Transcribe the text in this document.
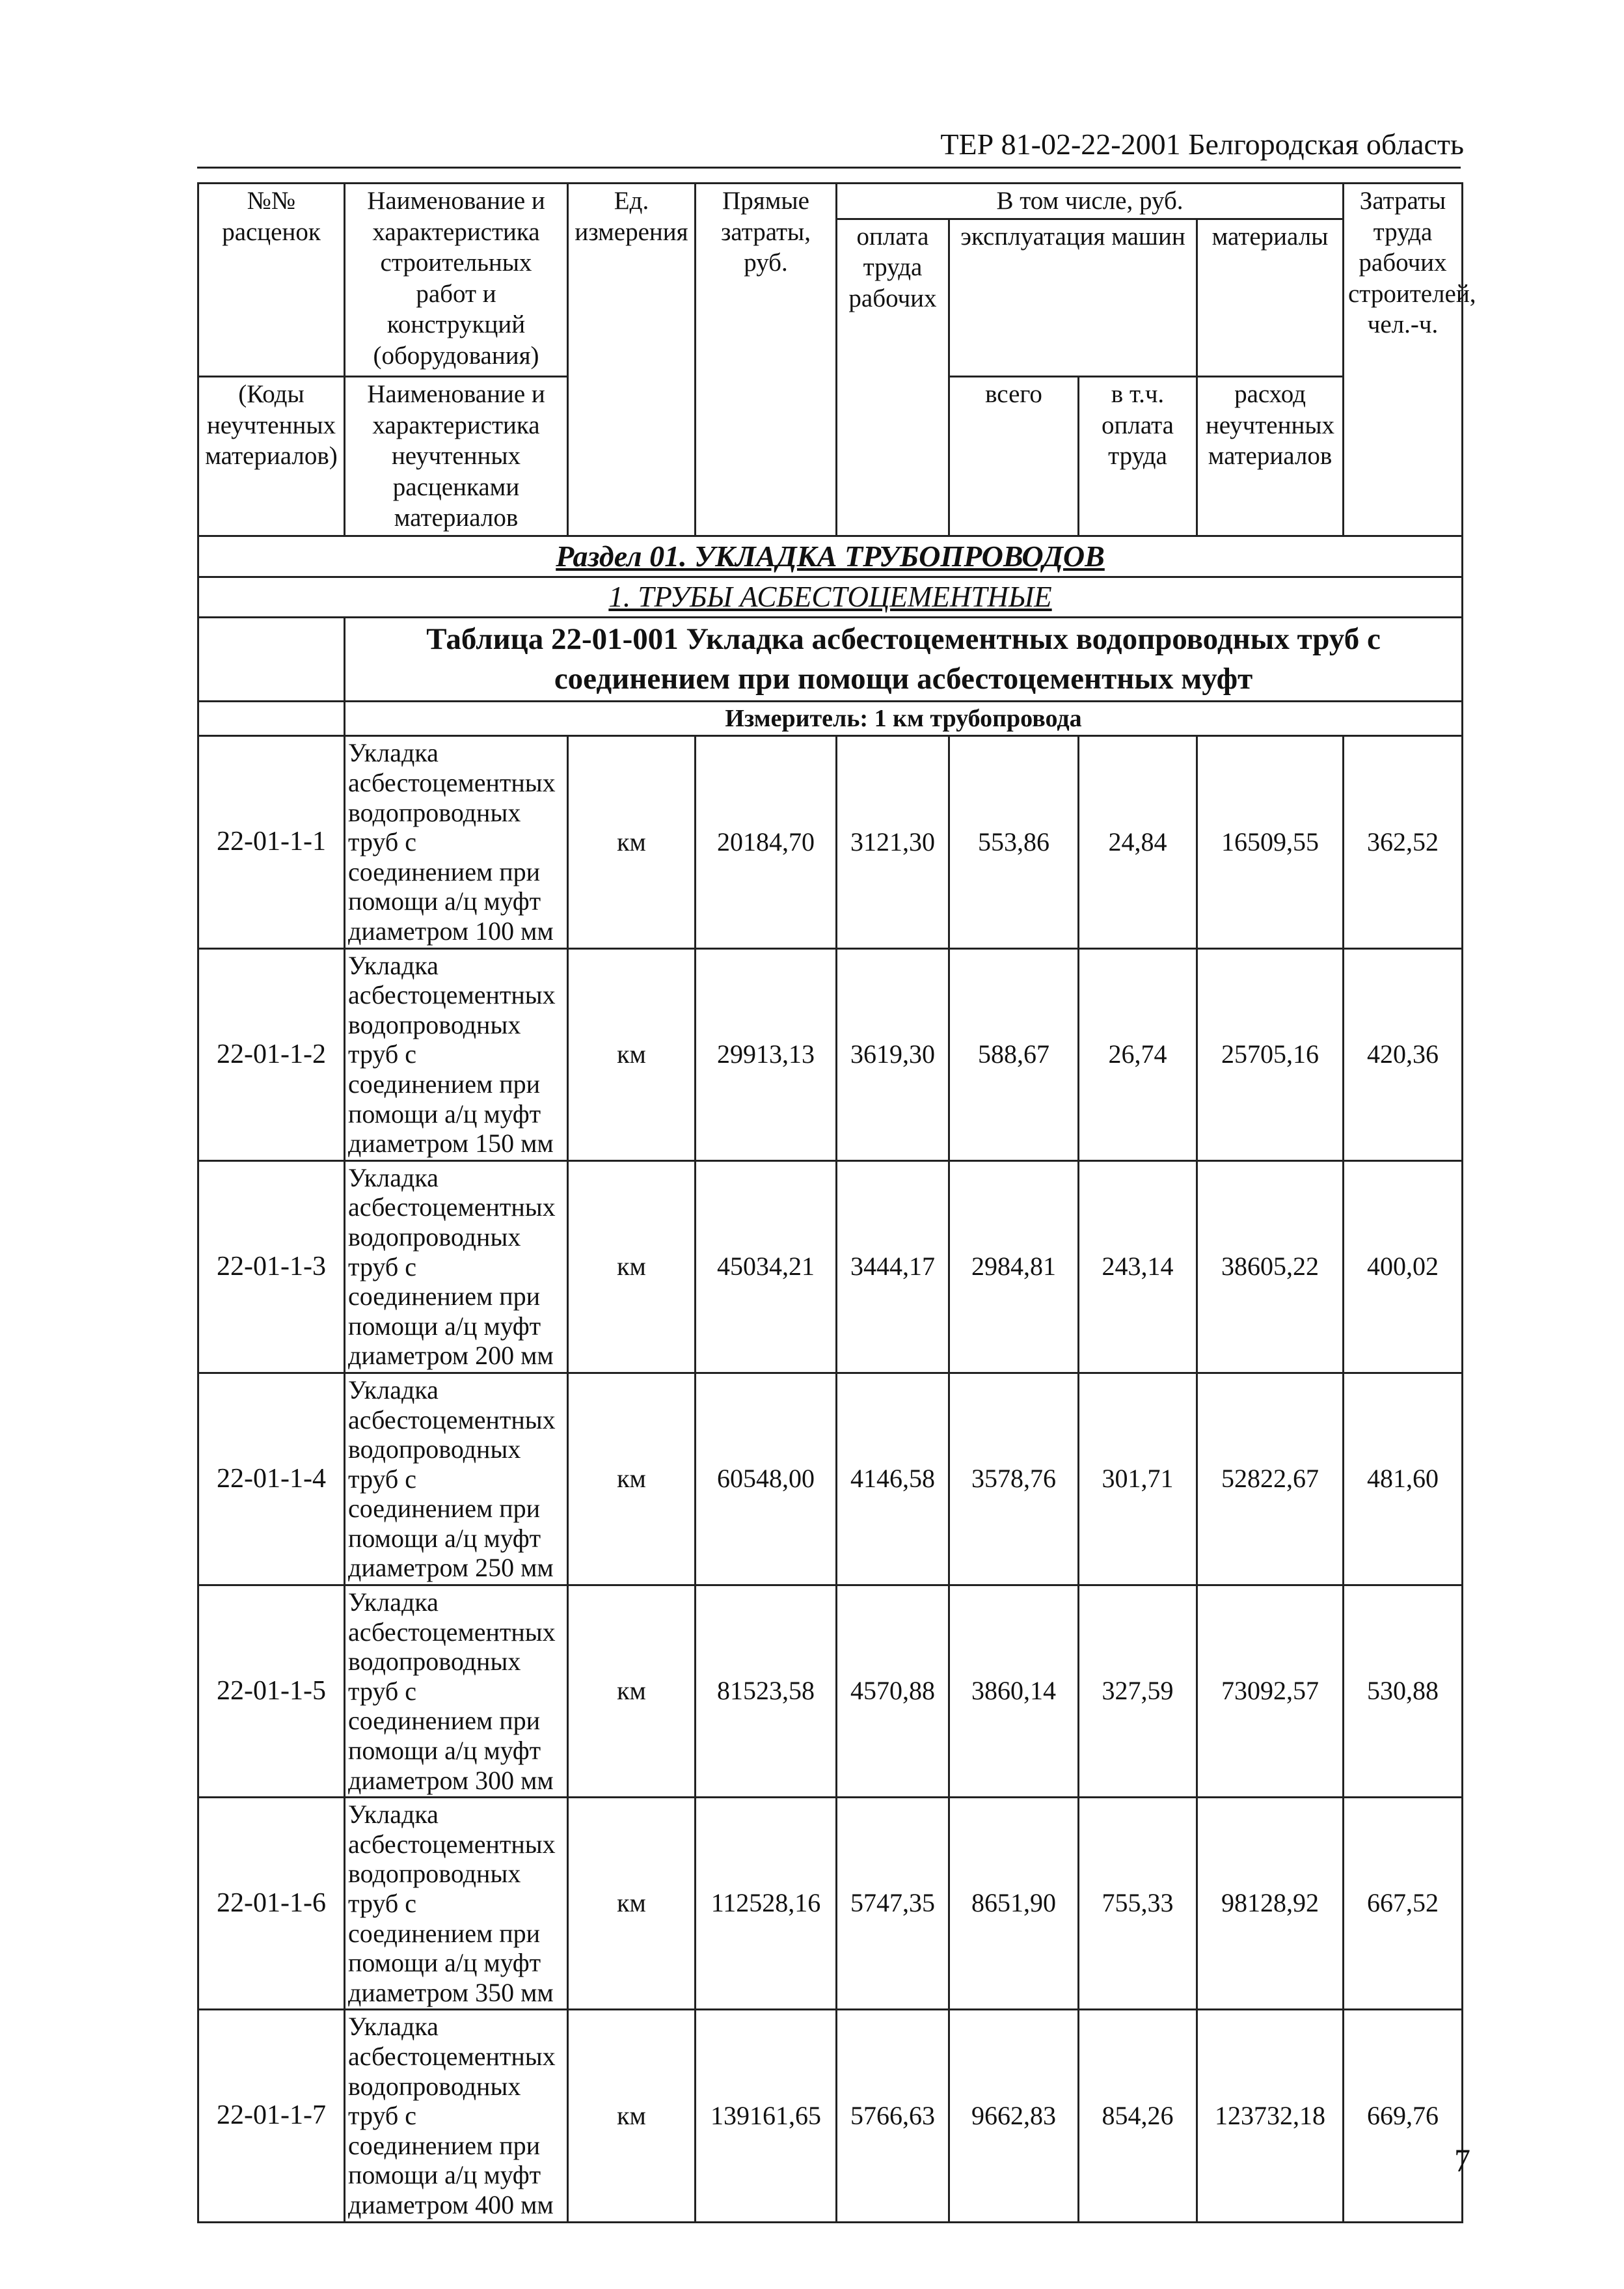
ТЕР 81-02-22-2001 Белгородская область
№№ расценок	Наименование и характеристика строительных работ и конструкций (оборудования)	Ед. измерения	Прямые затраты, руб.	В том числе, руб.				Затраты труда рабочих строителей, чел.-ч.
				оплата труда рабочих	эксплуатация машин		материалы	
(Коды неучтенных материалов)	Наименование и характеристика неучтенных расценками материалов							
					всего	в т.ч. оплата труда	расход неучтенных материалов	
Раздел 01. УКЛАДКА ТРУБОПРОВОДОВ								
1. ТРУБЫ АСБЕСТОЦЕМЕНТНЫЕ								
	Таблица 22-01-001 Укладка асбестоцементных водопроводных труб с соединением при помощи асбестоцементных муфт							
	Измеритель: 1 км трубопровода							
22-01-1-1	Укладка асбестоцементных водопроводных труб с соединением при помощи а/ц муфт диаметром 100 мм	км	20184,70	3121,30	553,86	24,84	16509,55	362,52
22-01-1-2	Укладка асбестоцементных водопроводных труб с соединением при помощи а/ц муфт диаметром 150 мм	км	29913,13	3619,30	588,67	26,74	25705,16	420,36
22-01-1-3	Укладка асбестоцементных водопроводных труб с соединением при помощи а/ц муфт диаметром 200 мм	км	45034,21	3444,17	2984,81	243,14	38605,22	400,02
22-01-1-4	Укладка асбестоцементных водопроводных труб с соединением при помощи а/ц муфт диаметром 250 мм	км	60548,00	4146,58	3578,76	301,71	52822,67	481,60
22-01-1-5	Укладка асбестоцементных водопроводных труб с соединением при помощи а/ц муфт диаметром 300 мм	км	81523,58	4570,88	3860,14	327,59	73092,57	530,88
22-01-1-6	Укладка асбестоцементных водопроводных труб с соединением при помощи а/ц муфт диаметром 350 мм	км	112528,16	5747,35	8651,90	755,33	98128,92	667,52
22-01-1-7	Укладка асбестоцементных водопроводных труб с соединением при помощи а/ц муфт диаметром 400 мм	км	139161,65	5766,63	9662,83	854,26	123732,18	669,76
7
